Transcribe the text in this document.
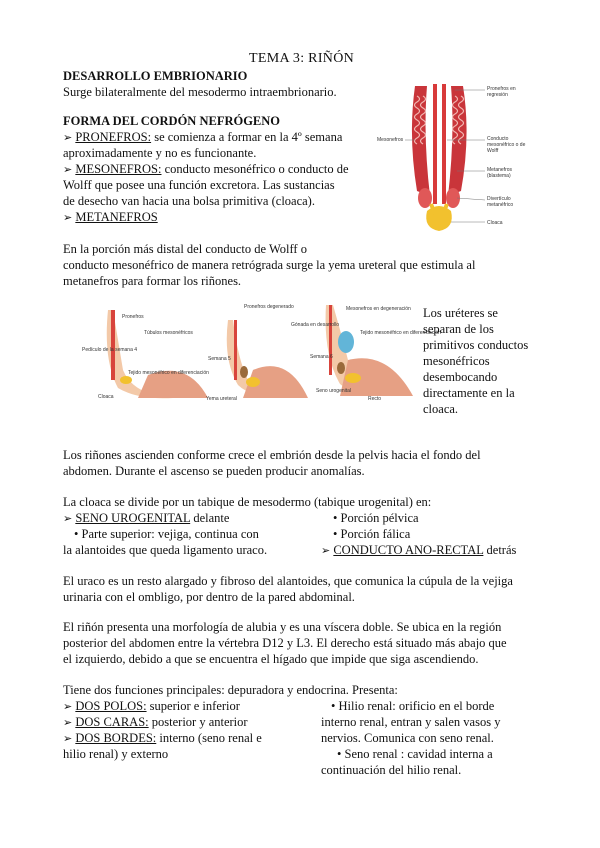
TEMA 3: RIÑÓN
DESARROLLO EMBRIONARIO
Surge bilateralmente del mesodermo intraembrionario.
FORMA DEL CORDÓN NEFRÓGENO
➢ PRONEFROS: se comienza a formar en la 4º semana
aproximadamente y no es funcionante.
➢ MESONEFROS: conducto mesonéfrico o conducto de
Wolff que posee una función excretora. Las sustancias
de desecho van hacia una bolsa primitiva (cloaca).
➢ METANEFROS
Pronefros en regresión
Mesonefros	Conducto mesonéfrico o de Wolff
Metanefros (blastema)
Divertículo metanéfrico
Cloaca
En la porción más distal del conducto de Wolff o
conducto mesonéfrico de manera retrógrada surge la yema ureteral que estimula al
metanefros para formar los riñones.
Pronefros
Túbulos mesonéfricos
Pronefros degenerado
Gónada en desarrollo
Mesonefros en degeneración
Tejido mesonéfrico en diferenciación
Pedículo de la semana 4
Semana 5	Semana 6
Tejido mesonéfrico en diferenciación
Cloaca	Yema ureteral
Seno urogenital
Recto
Los uréteres se
separan de los
primitivos conductos
mesonéfricos
desembocando
directamente en la
cloaca.
Los riñones ascienden conforme crece el embrión desde la pelvis hacia el fondo del
abdomen. Durante el ascenso se pueden producir anomalías.
La cloaca se divide por un tabique de mesodermo (tabique urogenital) en:
➢ SENO UROGENITAL delante
• Parte superior: vejiga, continua con
la alantoides que queda ligamento uraco.
• Porción pélvica
• Porción fálica
➢ CONDUCTO ANO-RECTAL detrás
El uraco es un resto alargado y fibroso del alantoides, que comunica la cúpula de la vejiga
urinaria con el ombligo, por dentro de la pared abdominal.
El riñón presenta una morfología de alubia y es una víscera doble. Se ubica en la región
posterior del abdomen entre la vértebra D12 y L3. El derecho está situado más abajo que
el izquierdo, debido a que se encuentra el hígado que impide que siga ascendiendo.
Tiene dos funciones principales: depuradora y endocrina. Presenta:
➢ DOS POLOS: superior e inferior
➢ DOS CARAS: posterior y anterior
➢ DOS BORDES: interno (seno renal e
hilio renal) y externo
• Hilio renal: orificio en el borde
interno renal, entran y salen vasos y
nervios. Comunica con seno renal.
• Seno renal : cavidad interna a
continuación del hilio renal.
